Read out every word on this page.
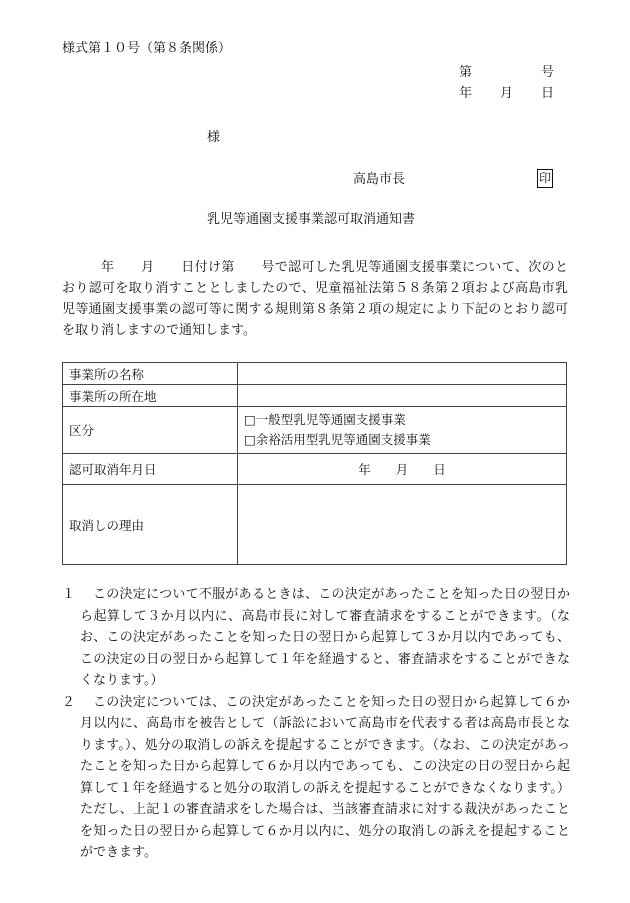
様式第１０号（第８条関係）
第	号
年 月 日
様
高島市長	印
乳児等通園支援事業認可取消通知書
年　　月　　日付け第　　号で認可した乳児等通園支援事業について、次のとおり認可を取り消すこととしましたので、児童福祉法第５８条第２項および高島市乳児等通園支援事業の認可等に関する規則第８条第２項の規定により下記のとおり認可を取り消しますので通知します。
事業所の名称	
事業所の所在地	
区分	□一般型乳児等通園支援事業
□余裕活用型乳児等通園支援事業

認可取消年月日	年　　月　　日
取消しの理由	
１	この決定について不服があるときは、この決定があったことを知った日の翌日から起算して３か月以内に、高島市長に対して審査請求をすることができます。（なお、この決定があったことを知った日の翌日から起算して３か月以内であっても、この決定の日の翌日から起算して１年を経過すると、審査請求をすることができなくなります。）
２	この決定については、この決定があったことを知った日の翌日から起算して６か月以内に、高島市を被告として（訴訟において高島市を代表する者は高島市長となります。）、処分の取消しの訴えを提起することができます。（なお、この決定があったことを知った日から起算して６か月以内であっても、この決定の日の翌日から起算して１年を経過すると処分の取消しの訴えを提起することができなくなります。）ただし、上記１の審査請求をした場合は、当該審査請求に対する裁決があったことを知った日の翌日から起算して６か月以内に、処分の取消しの訴えを提起することができます。
